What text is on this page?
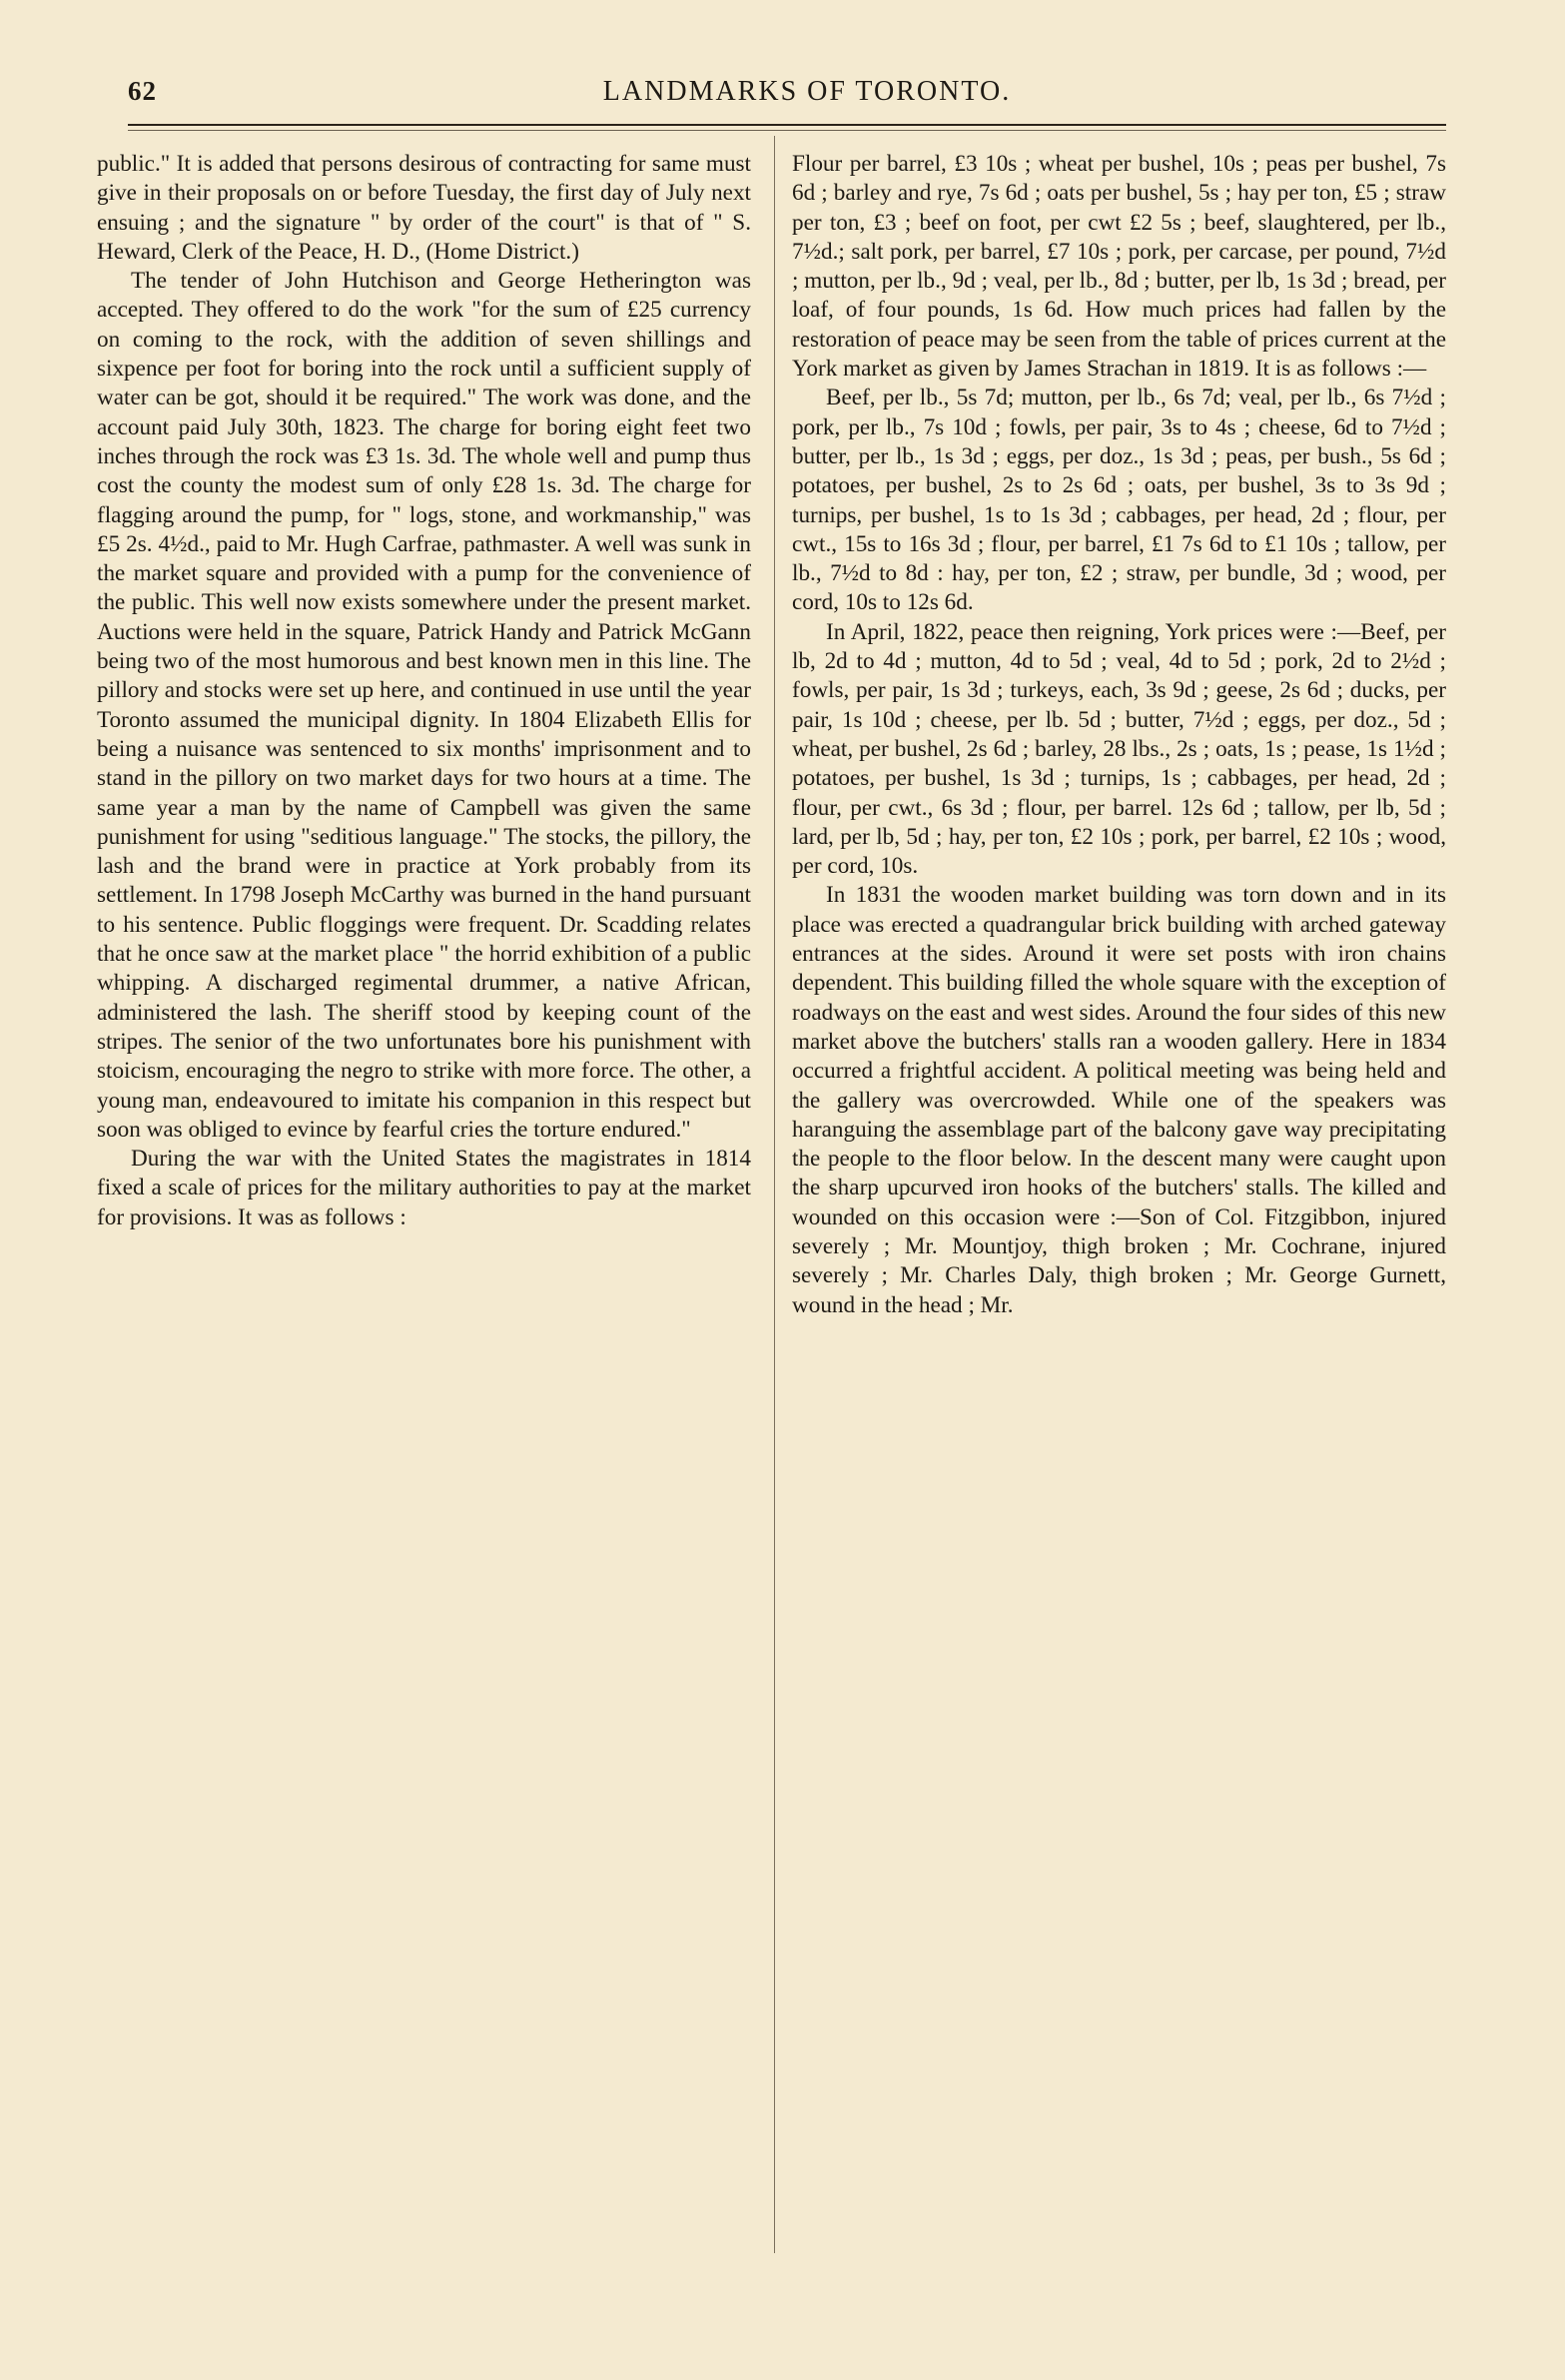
62	LANDMARKS OF TORONTO.

public." It is added that persons desirous of contracting for same must give in their proposals on or before Tuesday, the first day of July next ensuing ; and the signature " by order of the court" is that of " S. Heward, Clerk of the Peace, H. D., (Home District.)

The tender of John Hutchison and George Hetherington was accepted. They offered to do the work "for the sum of £25 currency on coming to the rock, with the addition of seven shillings and sixpence per foot for boring into the rock until a sufficient supply of water can be got, should it be required." The work was done, and the account paid July 30th, 1823. The charge for boring eight feet two inches through the rock was £3 1s. 3d. The whole well and pump thus cost the county the modest sum of only £28 1s. 3d. The charge for flagging around the pump, for " logs, stone, and workmanship," was £5 2s. 4½d., paid to Mr. Hugh Carfrae, pathmaster. A well was sunk in the market square and provided with a pump for the convenience of the public. This well now exists somewhere under the present market. Auctions were held in the square, Patrick Handy and Patrick McGann being two of the most humorous and best known men in this line. The pillory and stocks were set up here, and continued in use until the year Toronto assumed the municipal dignity. In 1804 Elizabeth Ellis for being a nuisance was sentenced to six months' imprisonment and to stand in the pillory on two market days for two hours at a time. The same year a man by the name of Campbell was given the same punishment for using "seditious language." The stocks, the pillory, the lash and the brand were in practice at York probably from its settlement. In 1798 Joseph McCarthy was burned in the hand pursuant to his sentence. Public floggings were frequent. Dr. Scadding relates that he once saw at the market place " the horrid exhibition of a public whipping. A discharged regimental drummer, a native African, administered the lash. The sheriff stood by keeping count of the stripes. The senior of the two unfortunates bore his punishment with stoicism, encouraging the negro to strike with more force. The other, a young man, endeavoured to imitate his companion in this respect but soon was obliged to evince by fearful cries the torture endured."

During the war with the United States the magistrates in 1814 fixed a scale of prices for the military authorities to pay at the market for provisions. It was as follows :

Flour per barrel, £3 10s ; wheat per bushel, 10s ; peas per bushel, 7s 6d ; barley and rye, 7s 6d ; oats per bushel, 5s ; hay per ton, £5 ; straw per ton, £3 ; beef on foot, per cwt £2 5s ; beef, slaughtered, per lb., 7½d.; salt pork, per barrel, £7 10s ; pork, per carcase, per pound, 7½d ; mutton, per lb., 9d ; veal, per lb., 8d ; butter, per lb, 1s 3d ; bread, per loaf, of four pounds, 1s 6d. How much prices had fallen by the restoration of peace may be seen from the table of prices current at the York market as given by James Strachan in 1819. It is as follows :—

Beef, per lb., 5s 7d; mutton, per lb., 6s 7d; veal, per lb., 6s 7½d ; pork, per lb., 7s 10d ; fowls, per pair, 3s to 4s ; cheese, 6d to 7½d ; butter, per lb., 1s 3d ; eggs, per doz., 1s 3d ; peas, per bush., 5s 6d ; potatoes, per bushel, 2s to 2s 6d ; oats, per bushel, 3s to 3s 9d ; turnips, per bushel, 1s to 1s 3d ; cabbages, per head, 2d ; flour, per cwt., 15s to 16s 3d ; flour, per barrel, £1 7s 6d to £1 10s ; tallow, per lb., 7½d to 8d : hay, per ton, £2 ; straw, per bundle, 3d ; wood, per cord, 10s to 12s 6d.

In April, 1822, peace then reigning, York prices were :—Beef, per lb, 2d to 4d ; mutton, 4d to 5d ; veal, 4d to 5d ; pork, 2d to 2½d ; fowls, per pair, 1s 3d ; turkeys, each, 3s 9d ; geese, 2s 6d ; ducks, per pair, 1s 10d ; cheese, per lb. 5d ; butter, 7½d ; eggs, per doz., 5d ; wheat, per bushel, 2s 6d ; barley, 28 lbs., 2s ; oats, 1s ; pease, 1s 1½d ; potatoes, per bushel, 1s 3d ; turnips, 1s ; cabbages, per head, 2d ; flour, per cwt., 6s 3d ; flour, per barrel. 12s 6d ; tallow, per lb, 5d ; lard, per lb, 5d ; hay, per ton, £2 10s ; pork, per barrel, £2 10s ; wood, per cord, 10s.

In 1831 the wooden market building was torn down and in its place was erected a quadrangular brick building with arched gateway entrances at the sides. Around it were set posts with iron chains dependent. This building filled the whole square with the exception of roadways on the east and west sides. Around the four sides of this new market above the butchers' stalls ran a wooden gallery. Here in 1834 occurred a frightful accident. A political meeting was being held and the gallery was overcrowded. While one of the speakers was haranguing the assemblage part of the balcony gave way precipitating the people to the floor below. In the descent many were caught upon the sharp upcurved iron hooks of the butchers' stalls. The killed and wounded on this occasion were :—Son of Col. Fitzgibbon, injured severely ; Mr. Mountjoy, thigh broken ; Mr. Cochrane, injured severely ; Mr. Charles Daly, thigh broken ; Mr. George Gurnett, wound in the head ; Mr.
